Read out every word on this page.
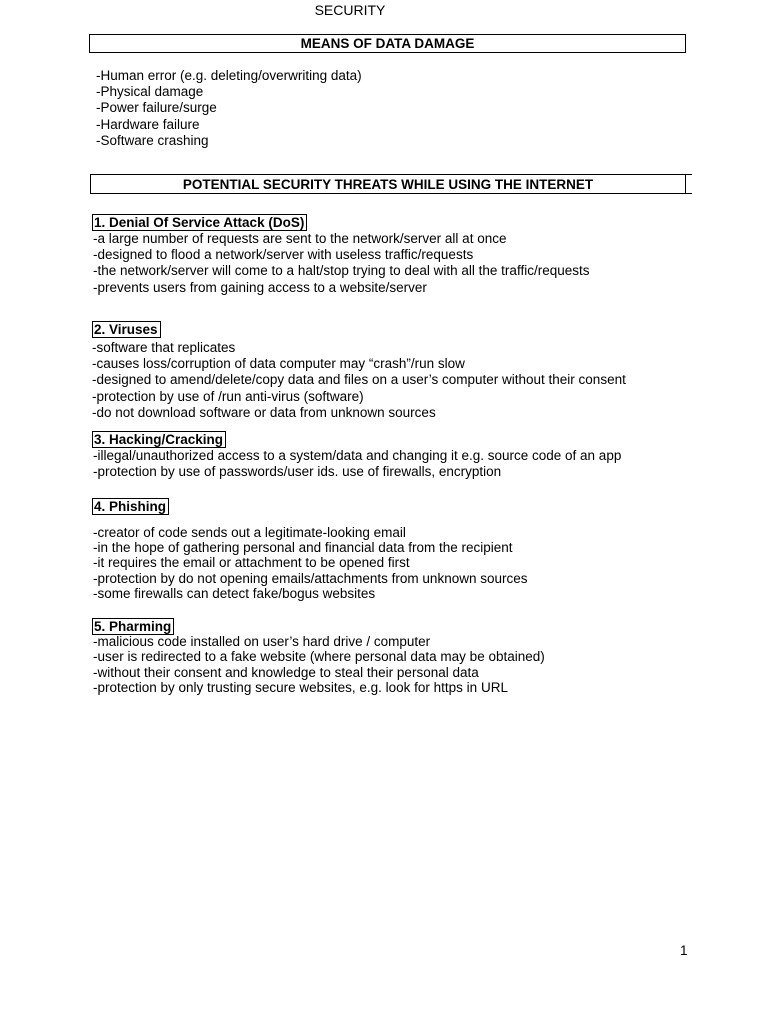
SECURITY
MEANS OF DATA DAMAGE
-Human error (e.g. deleting/overwriting data)
-Physical damage
-Power failure/surge
-Hardware failure
-Software crashing
POTENTIAL SECURITY THREATS WHILE USING THE INTERNET
1. Denial Of Service Attack (DoS)
-a large number of requests are sent to the network/server all at once
-designed to flood a network/server with useless traffic/requests
-the network/server will come to a halt/stop trying to deal with all the traffic/requests
-prevents users from gaining access to a website/server
2. Viruses
-software that replicates
-causes loss/corruption of data computer may “crash”/run slow
-designed to amend/delete/copy data and files on a user’s computer without their consent
-protection by use of /run anti-virus (software)
-do not download software or data from unknown sources
3. Hacking/Cracking
-illegal/unauthorized access to a system/data and changing it e.g. source code of an app
-protection by use of passwords/user ids. use of firewalls, encryption
4. Phishing
-creator of code sends out a legitimate-looking email
-in the hope of gathering personal and financial data from the recipient
-it requires the email or attachment to be opened first
-protection by do not opening emails/attachments from unknown sources
-some firewalls can detect fake/bogus websites
5. Pharming
-malicious code installed on user’s hard drive / computer
-user is redirected to a fake website (where personal data may be obtained)
-without their consent and knowledge to steal their personal data
-protection by only trusting secure websites, e.g. look for https in URL
1
